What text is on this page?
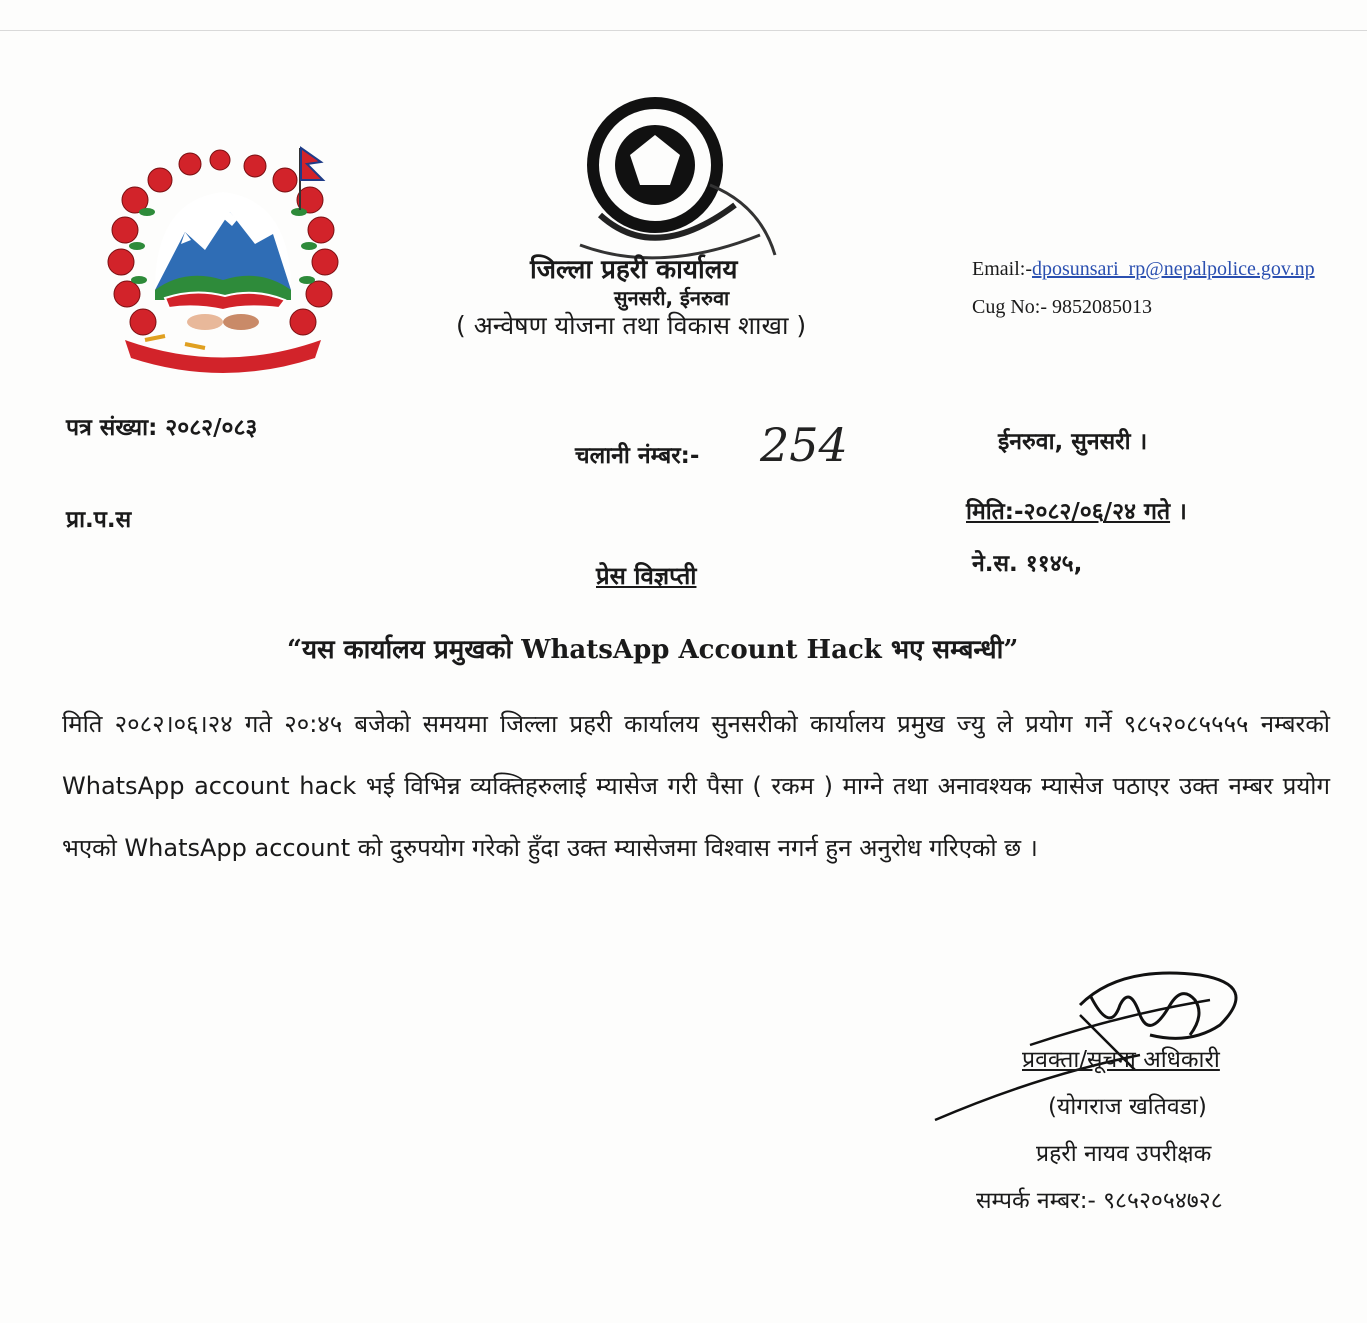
जिल्ला प्रहरी कार्यालय
सुनसरी, ईनरुवा
( अन्वेषण योजना तथा विकास शाखा )
Email:-dposunsari_rp@nepalpolice.gov.np
Cug No:- 9852085013
पत्र संख्या: २०८२/०८३
चलानी नंम्बर:- 254	ईनरुवा, सुनसरी ।
प्रा.प.स	मिति:-२०८२/०६/२४ गते ।
ने.स. ११४५,
प्रेस विज्ञप्ती
“यस कार्यालय प्रमुखको WhatsApp Account Hack भए सम्बन्धी”
मिति २०८२।०६।२४ गते २०:४५ बजेको समयमा जिल्ला प्रहरी कार्यालय सुनसरीको कार्यालय प्रमुख ज्यु ले प्रयोग गर्ने ९८५२०८५५५५ नम्बरको WhatsApp account hack भई विभिन्न व्यक्तिहरुलाई म्यासेज गरी पैसा ( रकम ) माग्ने तथा अनावश्यक म्यासेज पठाएर उक्त नम्बर प्रयोग भएको WhatsApp account को दुरुपयोग गरेको हुँदा उक्त म्यासेजमा विश्वास नगर्न हुन अनुरोध गरिएको छ ।
प्रवक्ता/सूचना अधिकारी
(योगराज खतिवडा)
प्रहरी नायव उपरीक्षक
सम्पर्क नम्बर:- ९८५२०५४७२८
